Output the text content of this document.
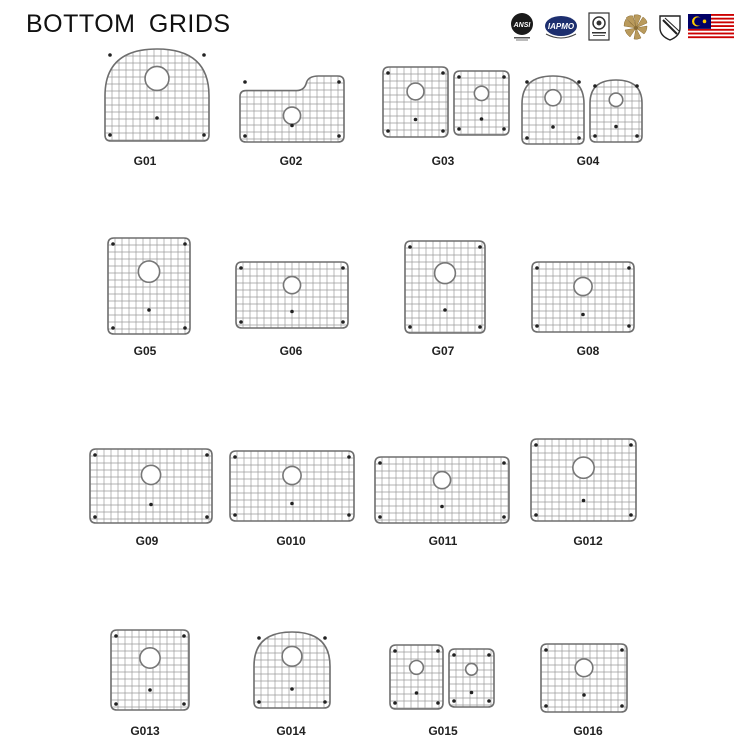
BOTTOM GRIDS	ANSI IAPMO
G01	G02	G03	G04
G05	G06	G07	G08
G09	G010	G011	G012
G013	G014	G015	G016
